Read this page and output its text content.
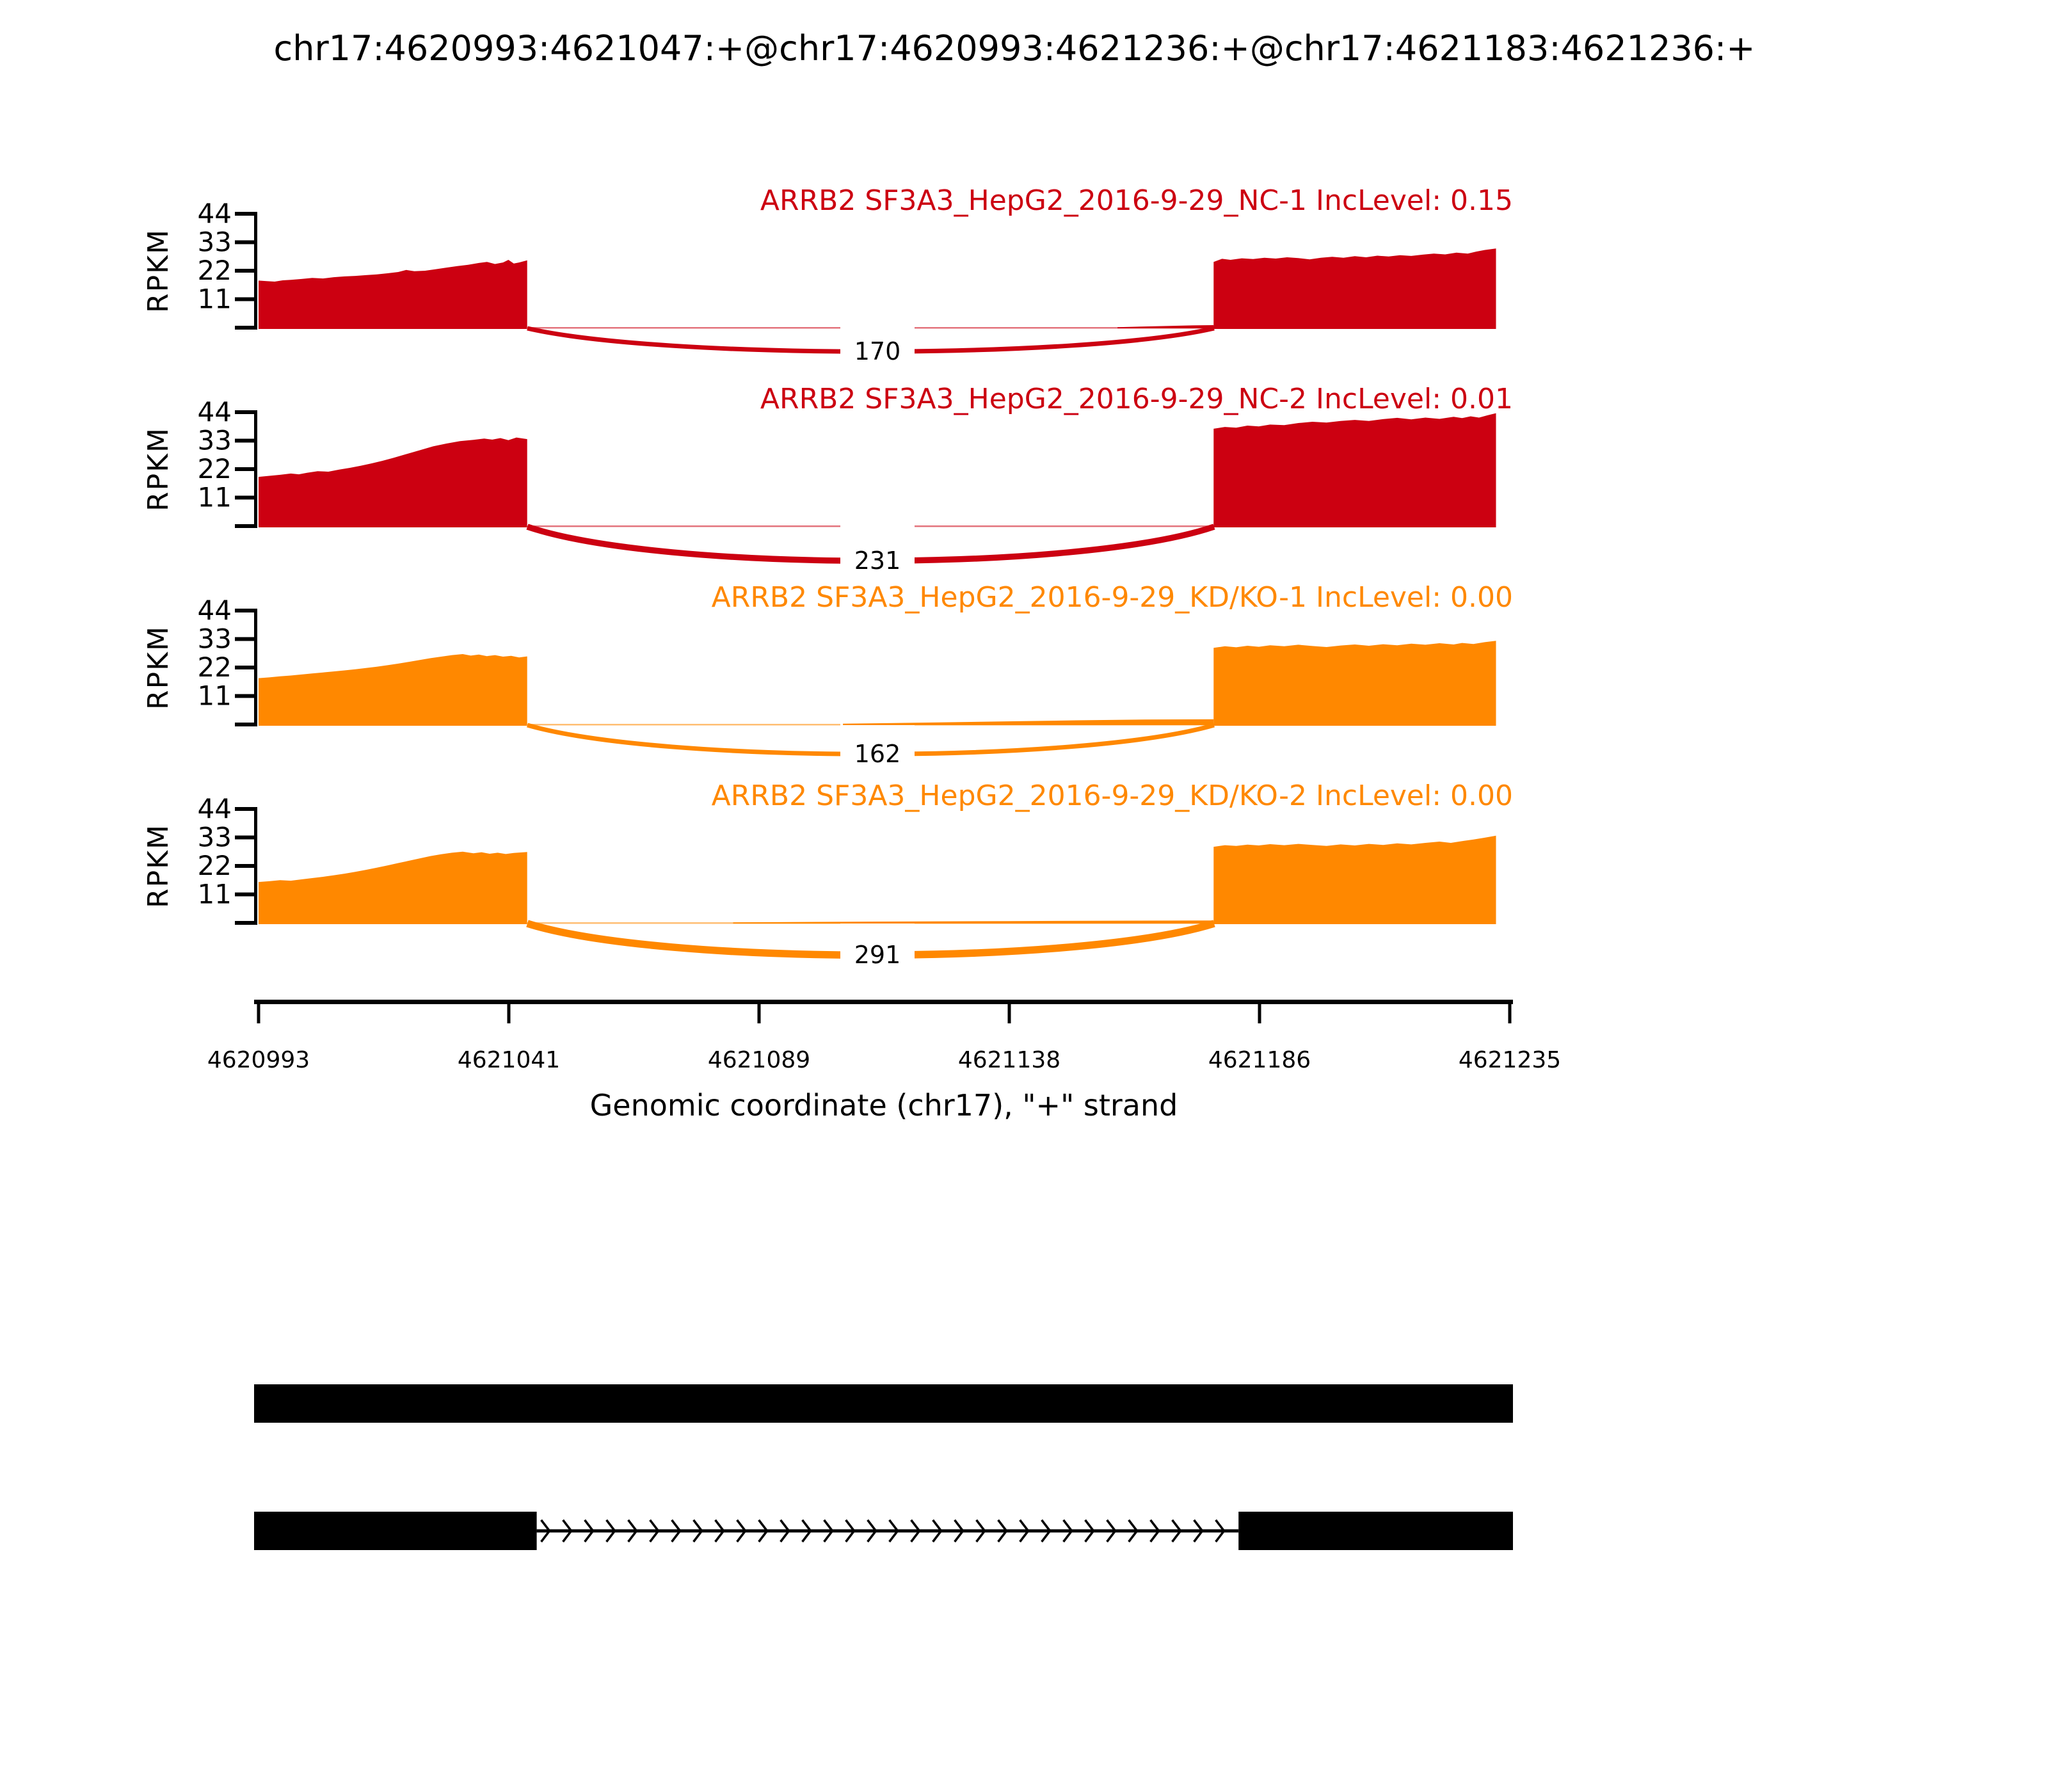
chr17:4620993:4621047:+@chr17:4620993:4621236:+@chr17:4621183:4621236:+
170
11
22
33
44
RPKM
ARRB2 SF3A3_HepG2_2016-9-29_NC-1 IncLevel: 0.15
231
11
22
33
44
RPKM
ARRB2 SF3A3_HepG2_2016-9-29_NC-2 IncLevel: 0.01
162
11
22
33
44
RPKM
ARRB2 SF3A3_HepG2_2016-9-29_KD/KO-1 IncLevel: 0.00
291
11
22
33
44
RPKM
ARRB2 SF3A3_HepG2_2016-9-29_KD/KO-2 IncLevel: 0.00
4620993	4621041	4621089	4621138	4621186	4621235
Genomic coordinate (chr17), "+" strand
